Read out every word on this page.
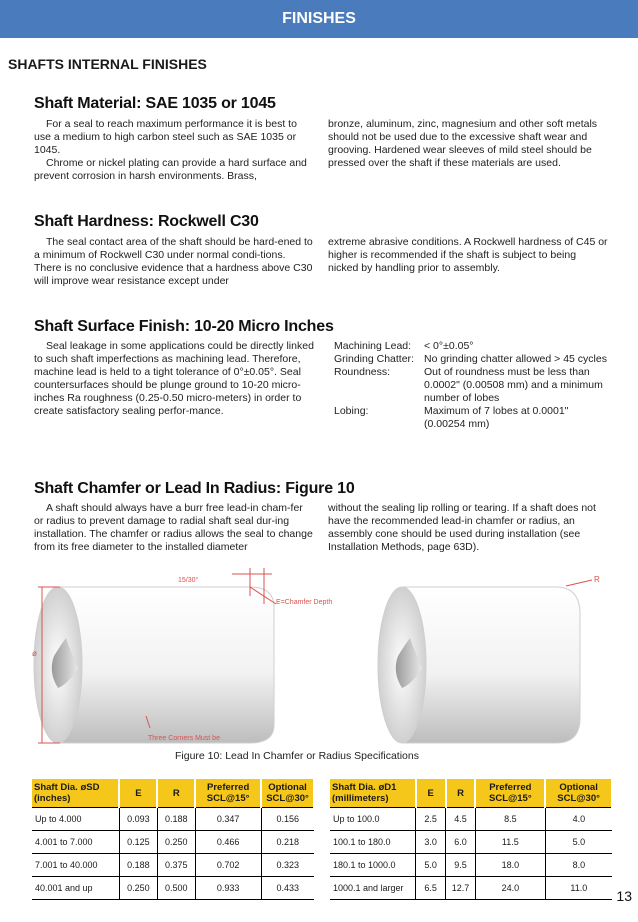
FINISHES
SHAFTS INTERNAL FINISHES
Shaft Material: SAE 1035 or 1045

For a seal to reach maximum performance it is best to use a medium to high carbon steel such as SAE 1035 or 1045.

Chrome or nickel plating can provide a hard surface and prevent corrosion in harsh environments. Brass,

bronze, aluminum, zinc, magnesium and other soft metals should not be used due to the excessive shaft wear and grooving. Hardened wear sleeves of mild steel should be pressed over the shaft if these materials are used.

Shaft Hardness: Rockwell C30

The seal contact area of the shaft should be hard-ened to a minimum of Rockwell C30 under normal condi-tions. There is no conclusive evidence that a hardness above C30 will improve wear resistance except under

extreme abrasive conditions. A Rockwell hardness of C45 or higher is recommended if the shaft is subject to being nicked by handling prior to assembly.

Shaft Surface Finish: 10-20 Micro Inches

Seal leakage in some applications could be directly linked to such shaft imperfections as machining lead. Therefore, machine lead is held to a tight tolerance of 0°±0.05°. Seal countersurfaces should be plunge ground to 10-20 micro-inches Ra roughness (0.25-0.50 micro-meters) in order to create satisfactory sealing perfor-mance.

Machining Lead:	< 0°±0.05°
Grinding Chatter: No grinding chatter allowed > 45 cycles
Roundness:	Out of roundness must be less than 0.0002" (0.00508 mm) and a minimum number of lobes
Lobing:	Maximum of 7 lobes at 0.0001" (0.00254 mm)
Shaft Chamfer or Lead In Radius: Figure 10

A shaft should always have a burr free lead-in cham-fer or radius to prevent damage to radial shaft seal dur-ing installation. The chamfer or radius allows the seal to change from its free diameter to the installed diameter

without the sealing lip rolling or tearing. If a shaft does not have the recommended lead-in chamfer or radius, an assembly cone should be used during installation (see Installation Methods, page 63D).

15/30°
E=Chamfer Depth
ø
Three Corners Must be
R
Figure 10: Lead In Chamfer or Radius Specifications
Shaft Dia. øSD (inches)	E	R	Preferred SCL@15°	Optional SCL@30°
Up to 4.000	0.093	0.188	0.347	0.156
4.001 to 7.000	0.125	0.250	0.466	0.218
7.001 to 40.000	0.188	0.375	0.702	0.323
40.001 and up	0.250	0.500	0.933	0.433
Shaft Dia. øD1 (millimeters)	E	R	Preferred SCL@15°	Optional SCL@30°
Up to 100.0	2.5	4.5	8.5	4.0
100.1 to 180.0	3.0	6.0	11.5	5.0
180.1 to 1000.0	5.0	9.5	18.0	8.0
1000.1 and larger	6.5	12.7	24.0	11.0 13
